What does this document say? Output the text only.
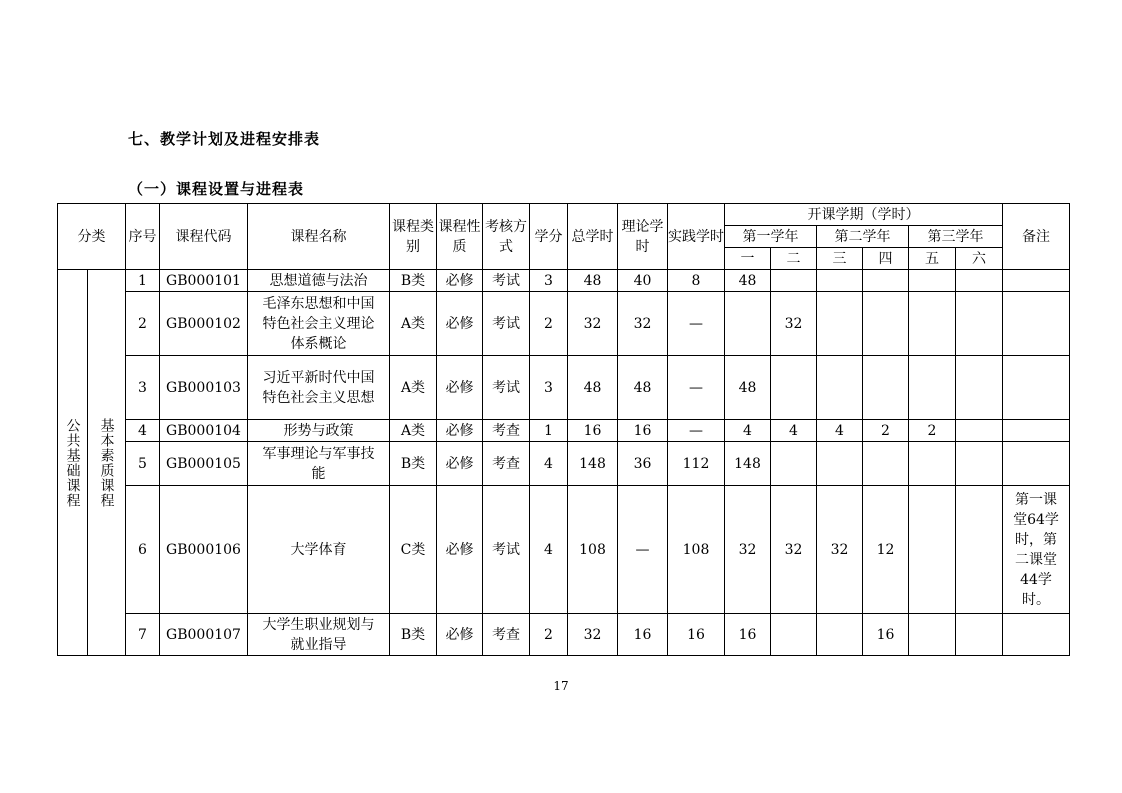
七、教学计划及进程安排表
（一）课程设置与进程表
分类		序号	课程代码	课程名称	课程类别	课程性质	考核方式	学分	总学时	理论学时	实践学时	开课学期（学时）						备注
												第一学年		第二学年		第三学年		
												一	二	三	四	五	六	
公共基础课程	基本素质课程	1	GB000101	思想道德与法治	B类	必修	考试	3	48	40	8	48						
		2	GB000102	毛泽东思想和中国特色社会主义理论体系概论	A类	必修	考试	2	32	32	—		32					
		3	GB000103	习近平新时代中国特色社会主义思想	A类	必修	考试	3	48	48	—	48						
		4	GB000104	形势与政策	A类	必修	考查	1	16	16	—	4	4	4	2	2		
		5	GB000105	军事理论与军事技能	B类	必修	考查	4	148	36	112	148						
		6	GB000106	大学体育	C类	必修	考试	4	108	—	108	32	32	32	12			第一课堂64学时，第二课堂44学时。
		7	GB000107	大学生职业规划与就业指导	B类	必修	考查	2	32	16	16	16			16			
17
